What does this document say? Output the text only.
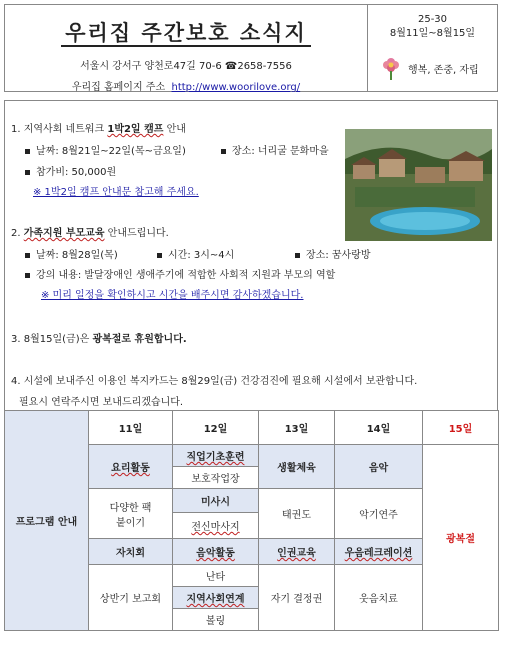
우리집 주간보호 소식지
서울시 강서구 양천로47길 70-6 ☎2658-7556
우리집 홈페이지 주소 http://www.woorilove.org/
25-30
8월11일~8월15일
행복, 존중, 자립
1. 지역사회 네트워크 1박2일 캠프 안내
날짜: 8월21일~22일(목~금요일)	장소: 너리굴 문화마을
참가비: 50,000원
※ 1박2일 캠프 안내문 참고해 주세요.
2. 가족지원 부모교육 안내드립니다.
날짜: 8월28일(목)	시간: 3시~4시	장소: 꿈사랑방
강의 내용: 발달장애인 생애주기에 적합한 사회적 지원과 부모의 역할
※ 미리 일정을 확인하시고 시간을 배주시면 감사하겠습니다.
3. 8월15일(금)은 광복절로 휴원합니다.
4. 시설에 보내주신 이용인 복지카드는 8월29일(금) 건강검진에 필요해 시설에서 보관합니다.
필요시 연락주시면 보내드리겠습니다.
프로그램 안내	11일	12일	13일	14일	15일
	요리활동	직업기초훈련	생활체육	음악	광복절
		보호작업장			
	다양한 팩
붙이기	미사시	태권도	악기연주	
		전신마사지			
	자치회	음악활동	인권교육	우음레크레이션	
	상반기 보고회	난타	자기 결정권	웃음치료	
		지역사회연계			
		볼링			
